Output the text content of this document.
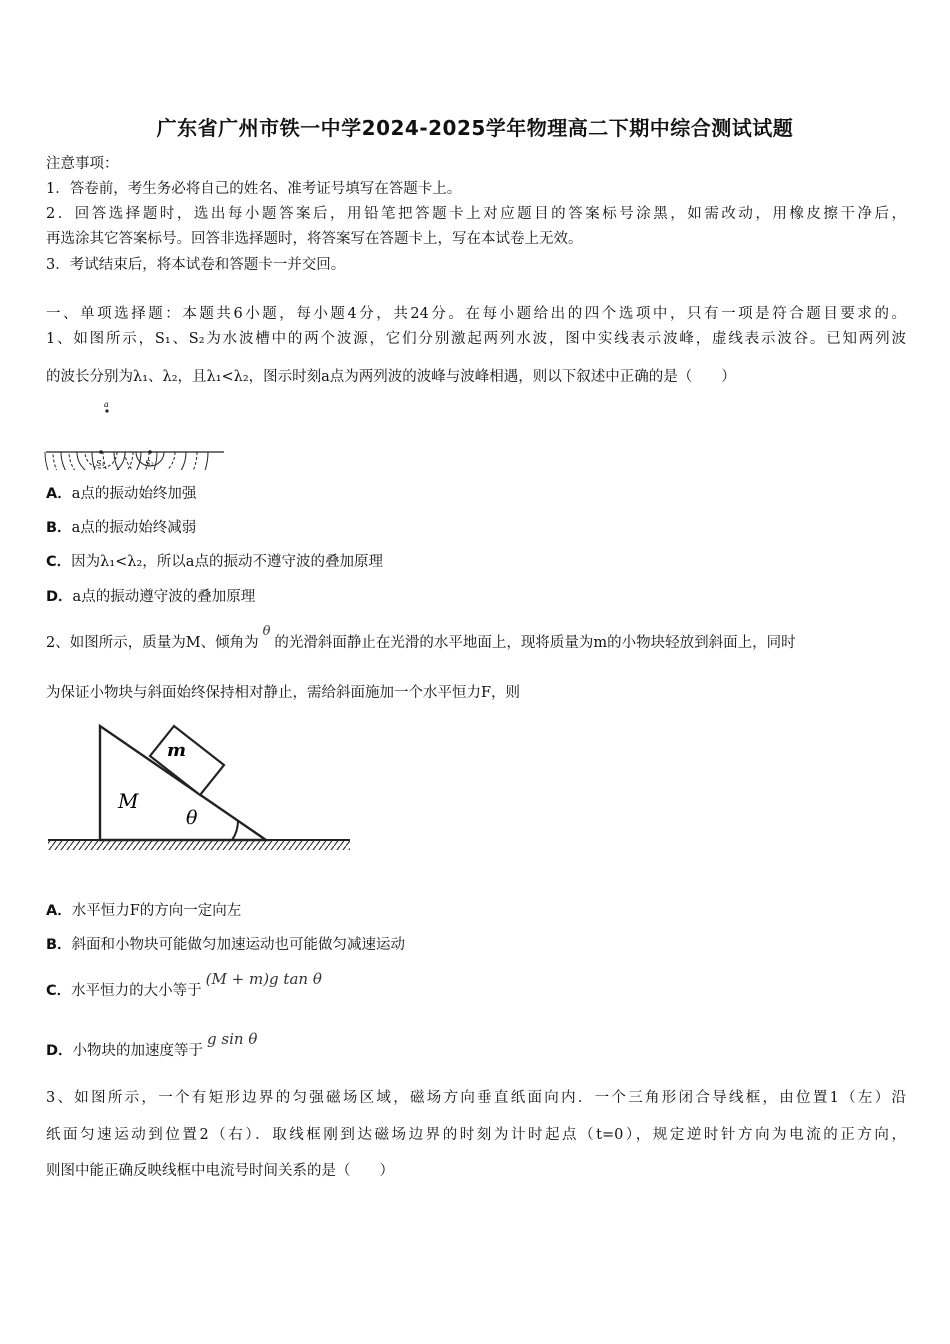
广东省广州市铁一中学2024-2025学年物理高二下期中综合测试试题
注意事项：
1．答卷前，考生务必将自己的姓名、准考证号填写在答题卡上。
2．回答选择题时，选出每小题答案后，用铅笔把答题卡上对应题目的答案标号涂黑，如需改动，用橡皮擦干净后，
再选涂其它答案标号。回答非选择题时，将答案写在答题卡上，写在本试卷上无效。
3．考试结束后，将本试卷和答题卡一并交回。
一、单项选择题：本题共6小题，每小题4分，共24分。在每小题给出的四个选项中，只有一项是符合题目要求的。
1、如图所示，S₁、S₂为水波槽中的两个波源，它们分别激起两列水波，图中实线表示波峰，虚线表示波谷。已知两列波
的波长分别为λ₁、λ₂，且λ₁<λ₂，图示时刻a点为两列波的波峰与波峰相遇，则以下叙述中正确的是（　　）
a
S₁	S₂
A．a点的振动始终加强
B．a点的振动始终减弱
C．因为λ₁<λ₂，所以a点的振动不遵守波的叠加原理
D．a点的振动遵守波的叠加原理
2、如图所示，质量为M、倾角为θ的光滑斜面静止在光滑的水平地面上，现将质量为m的小物块轻放到斜面上，同时
为保证小物块与斜面始终保持相对静止，需给斜面施加一个水平恒力F，则
m
M
θ
A．水平恒力F的方向一定向左
B．斜面和小物块可能做匀加速运动也可能做匀减速运动
C．水平恒力的大小等于(M + m)g tan θ
D．小物块的加速度等于g sin θ
3、如图所示，一个有矩形边界的匀强磁场区域，磁场方向垂直纸面向内．一个三角形闭合导线框，由位置1（左）沿
纸面匀速运动到位置2（右）．取线框刚到达磁场边界的时刻为计时起点（t=0），规定逆时针方向为电流的正方向，
则图中能正确反映线框中电流号时间关系的是（　　）
